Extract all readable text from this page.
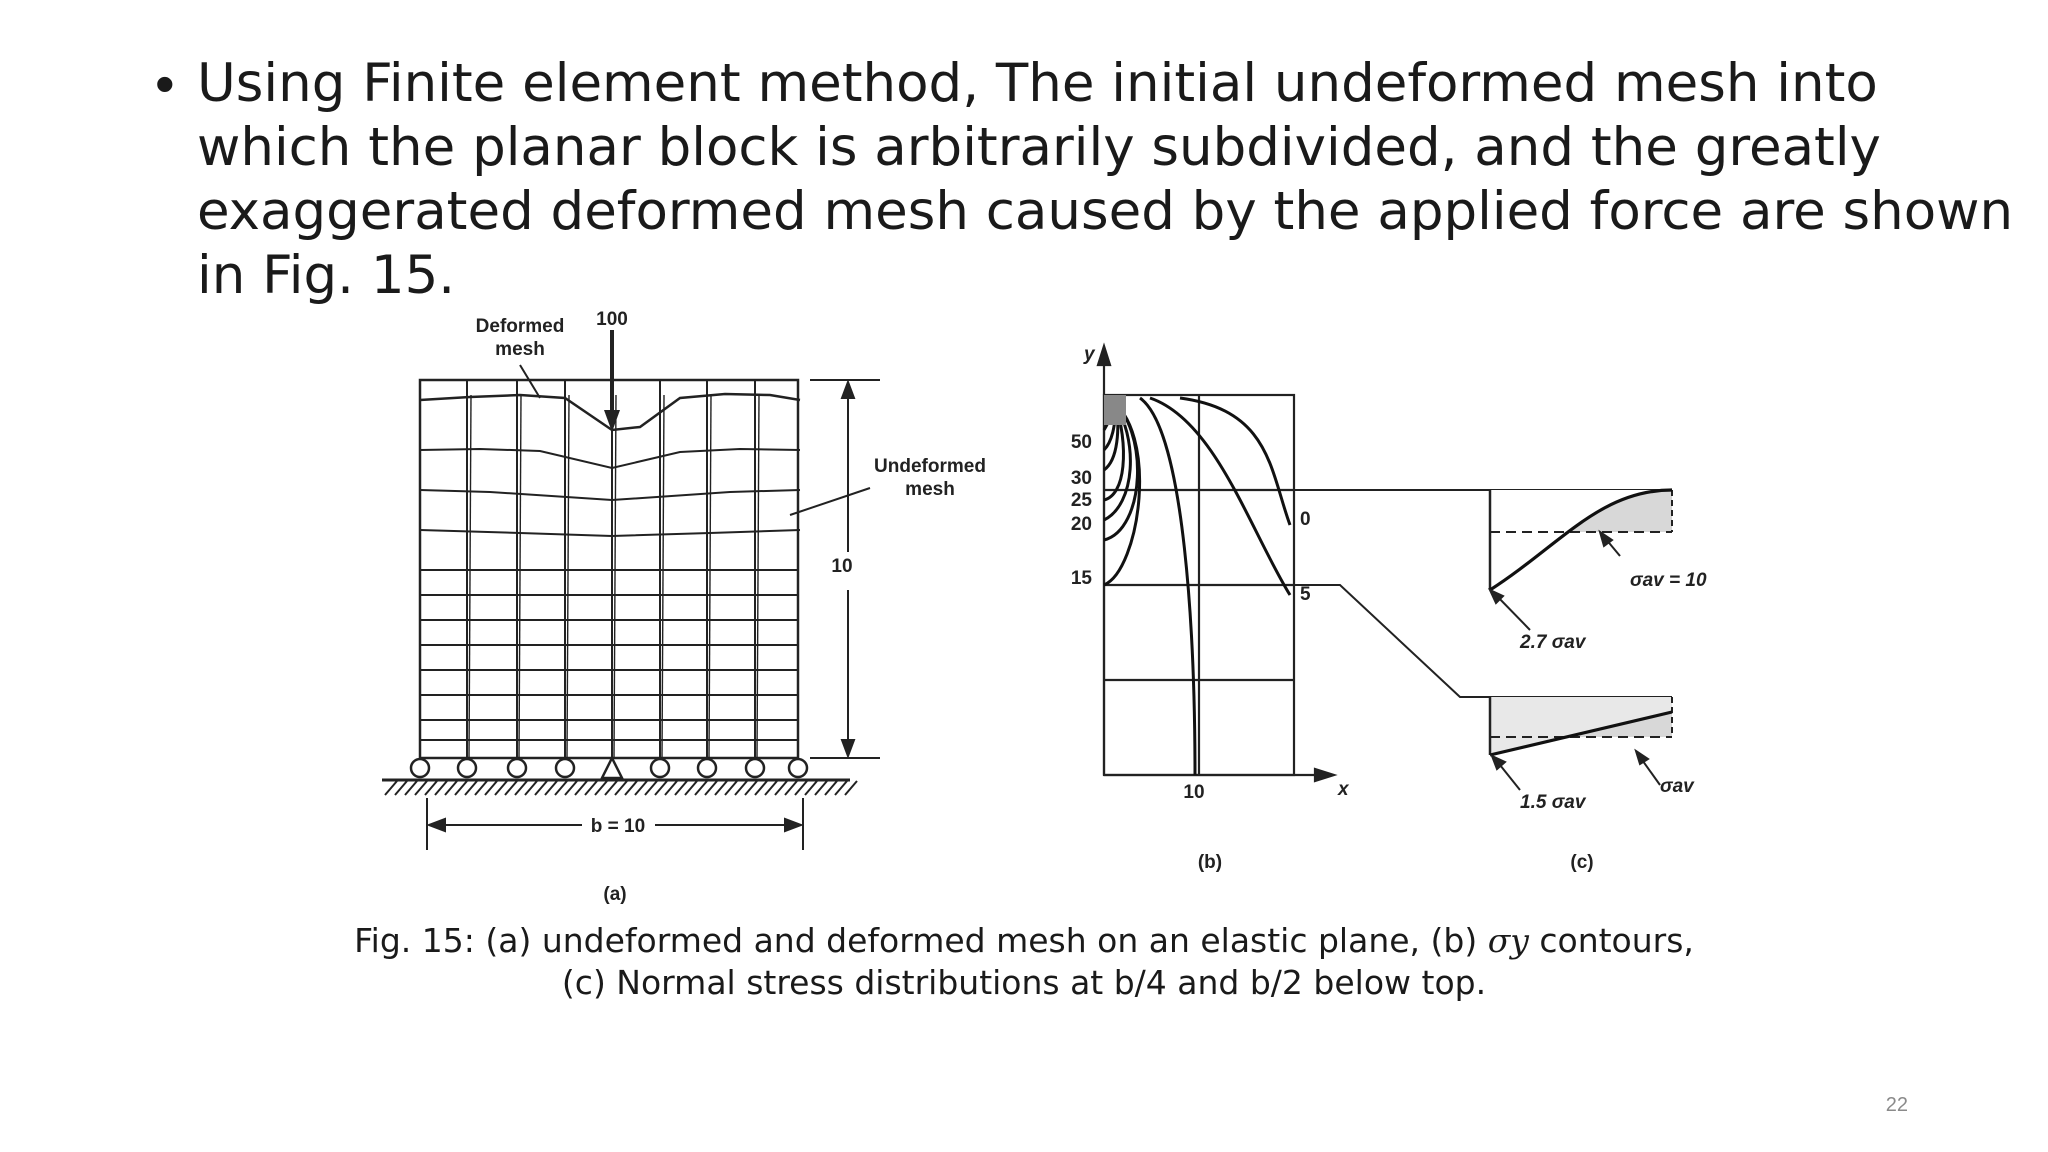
• Using Finite element method, The initial undeformed mesh into
which the planar block is arbitrarily subdivided, and the greatly
exaggerated deformed mesh caused by the applied force are shown
in Fig. 15.
Deformed
mesh
100
Undeformed
mesh
10
b = 10
(a)
y
x
50
30
25
20
15
0
5
10
(b)
σav = 10
2.7 σav
1.5 σav
σav
(c)
Fig. 15: (a) undeformed and deformed mesh on an elastic plane, (b) σy contours,
(c) Normal stress distributions at b/4 and b/2 below top.
22
